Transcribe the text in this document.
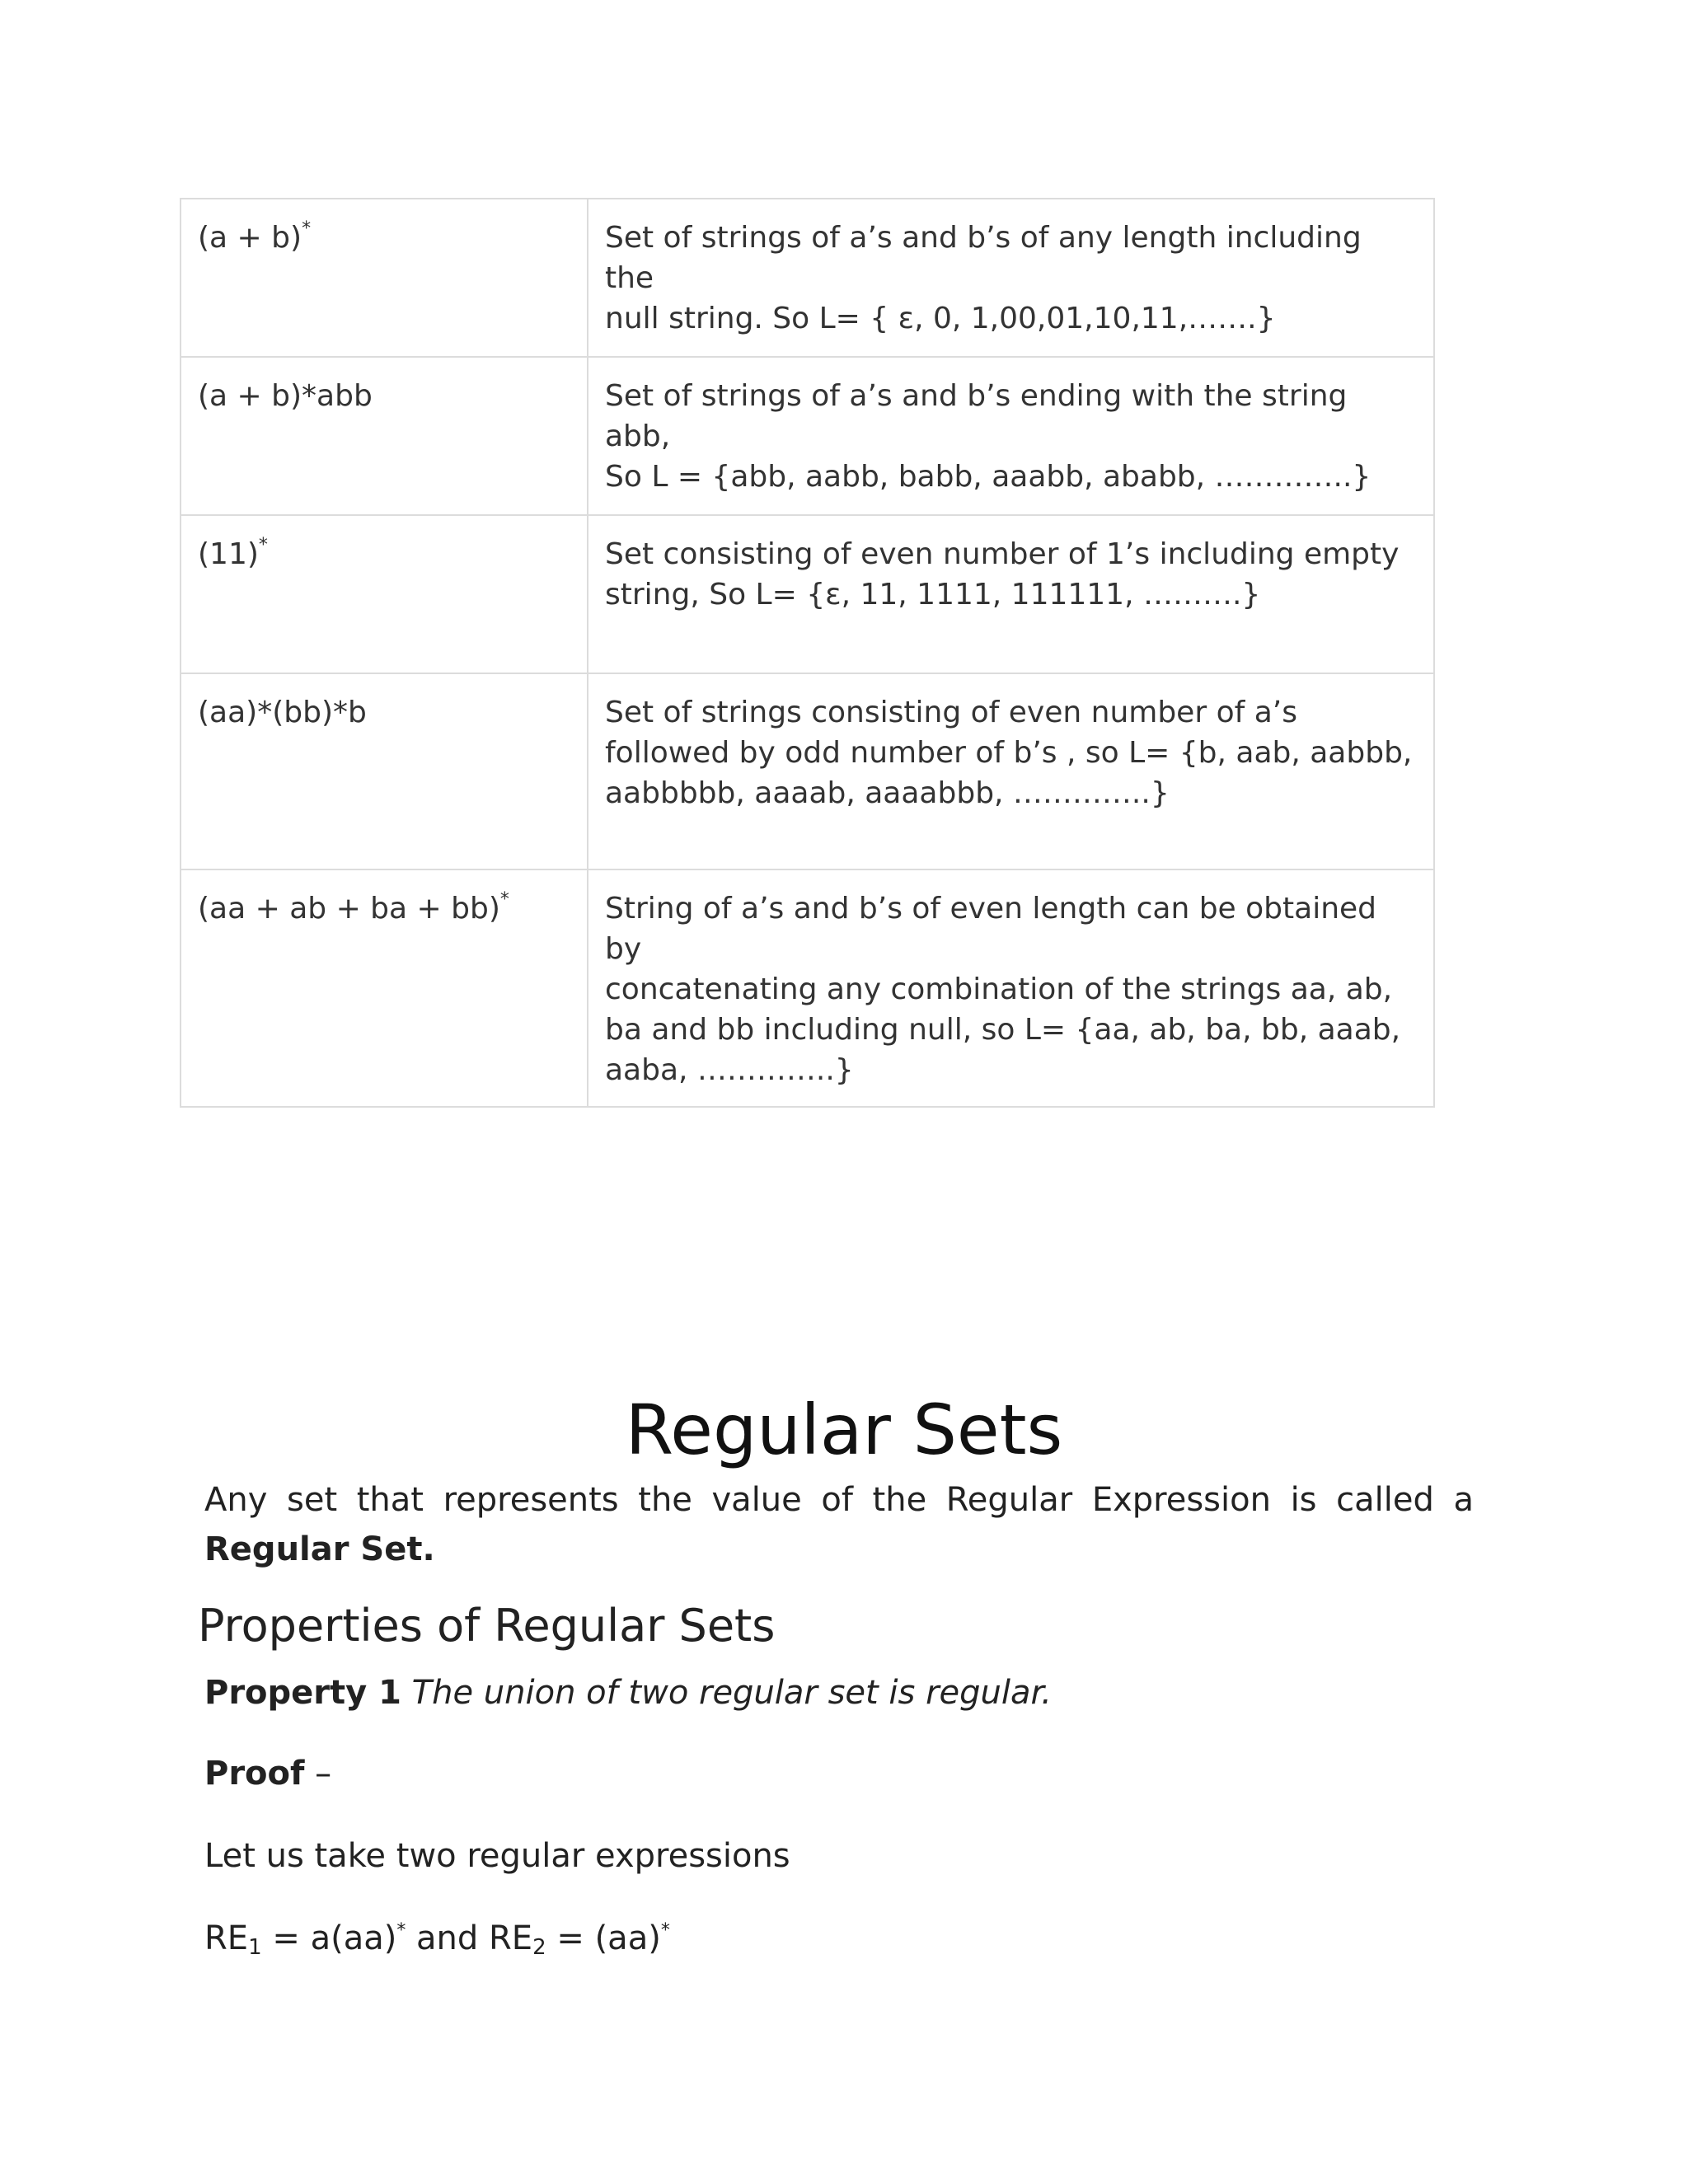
(a + b)*	Set of strings of a’s and b’s of any length including the
null string. So L= { ε, 0, 1,00,01,10,11,…….}

(a + b)*abb	Set of strings of a’s and b’s ending with the string abb,
So L = {abb, aabb, babb, aaabb, ababb, …………..}

(11)*	Set consisting of even number of 1’s including empty
string, So L= {ε, 11, 1111, 111111, ……….}

(aa)*(bb)*b	Set of strings consisting of even number of a’s
followed by odd number of b’s , so L= {b, aab, aabbb,
aabbbbb, aaaab, aaaabbb, …………..}

(aa + ab + ba + bb)*	String of a’s and b’s of even length can be obtained by
concatenating any combination of the strings aa, ab,
ba and bb including null, so L= {aa, ab, ba, bb, aaab,
aaba, …………..}
Regular Sets
Any set that represents the value of the Regular Expression is called a Regular Set.
Properties of Regular Sets
Property 1 The union of two regular set is regular.
Proof –
Let us take two regular expressions
$RE_1 = a(aa)^*$ and $RE_2 = (aa)^*$
